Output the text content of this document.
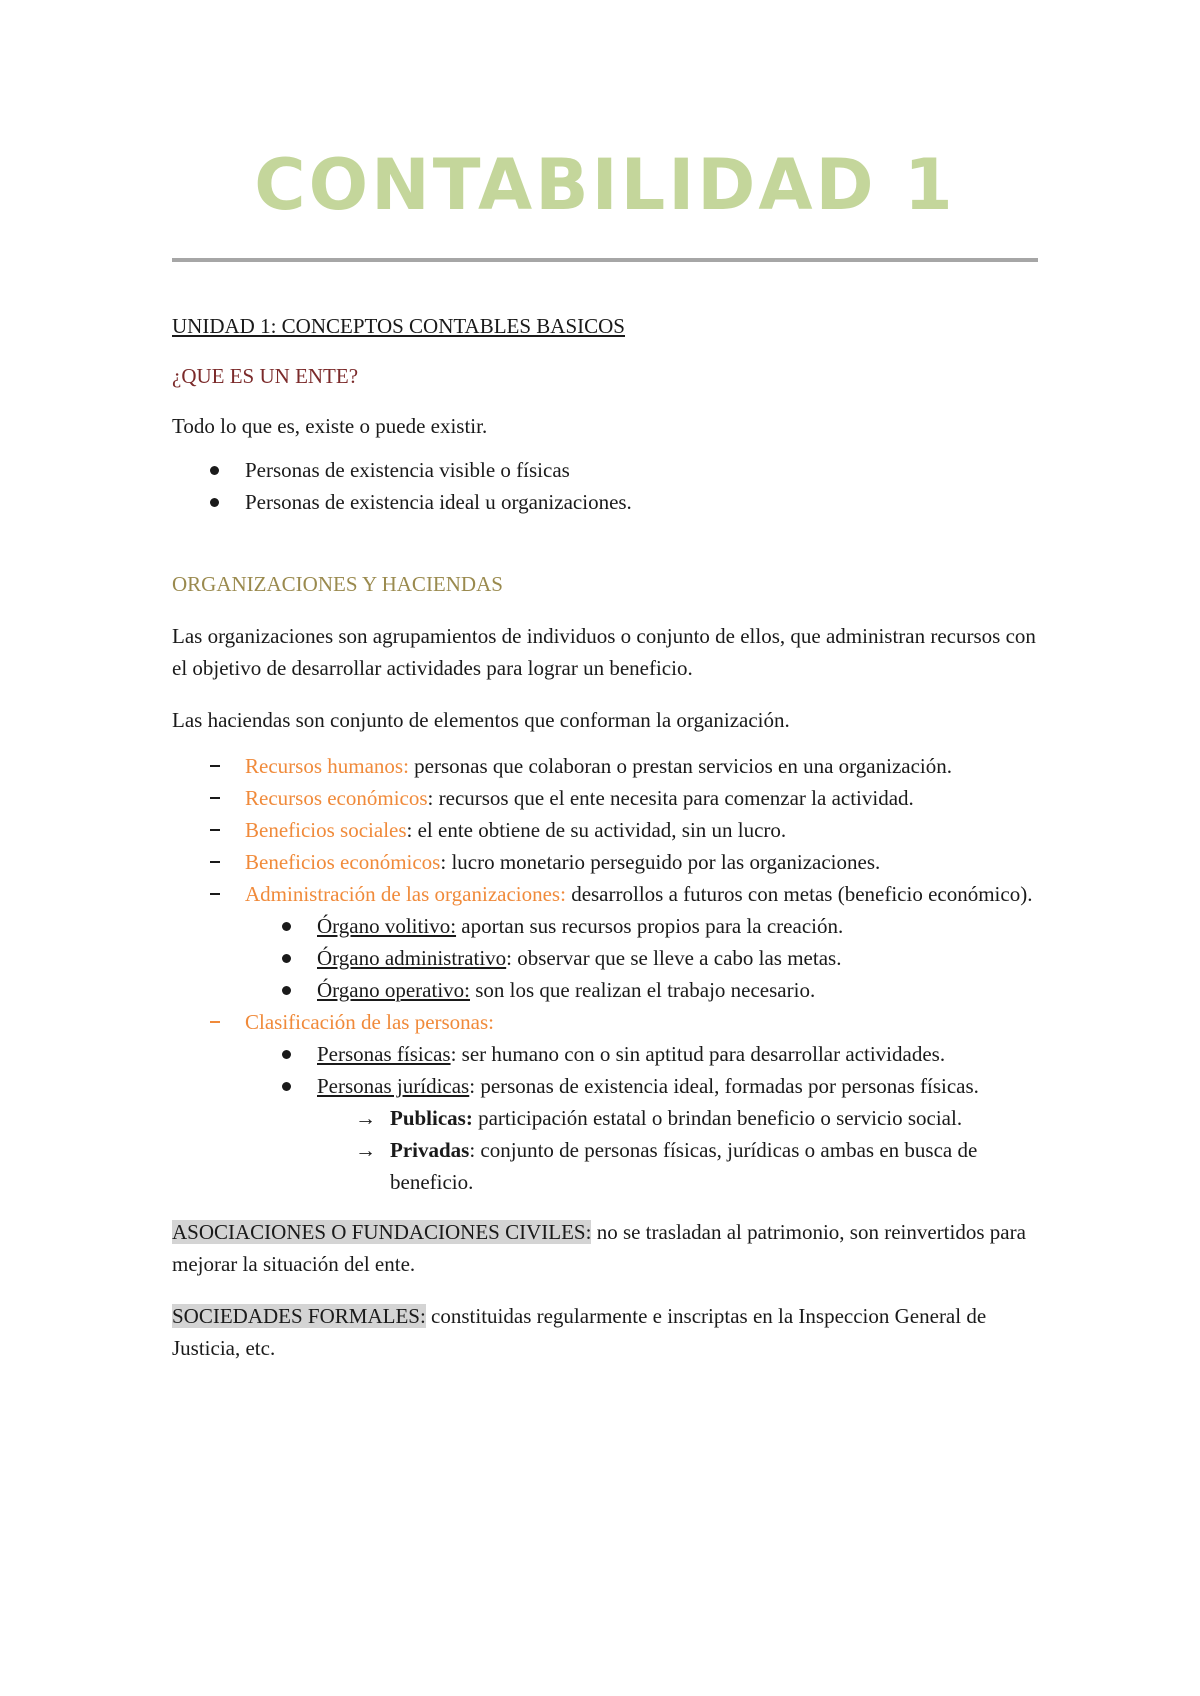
CONTABILIDAD 1

UNIDAD 1: CONCEPTOS CONTABLES BASICOS

¿QUE ES UN ENTE?

Todo lo que es, existe o puede existir.

Personas de existencia visible o físicas
Personas de existencia ideal u organizaciones.

ORGANIZACIONES Y HACIENDAS

Las organizaciones son agrupamientos de individuos o conjunto de ellos, que administran recursos con el objetivo de desarrollar actividades para lograr un beneficio.

Las haciendas son conjunto de elementos que conforman la organización.

Recursos humanos: personas que colaboran o prestan servicios en una organización.
Recursos económicos: recursos que el ente necesita para comenzar la actividad.
Beneficios sociales: el ente obtiene de su actividad, sin un lucro.
Beneficios económicos: lucro monetario perseguido por las organizaciones.
Administración de las organizaciones: desarrollos a futuros con metas (beneficio económico).
Órgano volitivo: aportan sus recursos propios para la creación.
Órgano administrativo: observar que se lleve a cabo las metas.
Órgano operativo: son los que realizan el trabajo necesario.
Clasificación de las personas:
Personas físicas: ser humano con o sin aptitud para desarrollar actividades.
Personas jurídicas: personas de existencia ideal, formadas por personas físicas.
→ Publicas: participación estatal o brindan beneficio o servicio social.
→ Privadas: conjunto de personas físicas, jurídicas o ambas en busca de beneficio.

ASOCIACIONES O FUNDACIONES CIVILES: no se trasladan al patrimonio, son reinvertidos para mejorar la situación del ente.

SOCIEDADES FORMALES: constituidas regularmente e inscriptas en la Inspeccion General de Justicia, etc.
